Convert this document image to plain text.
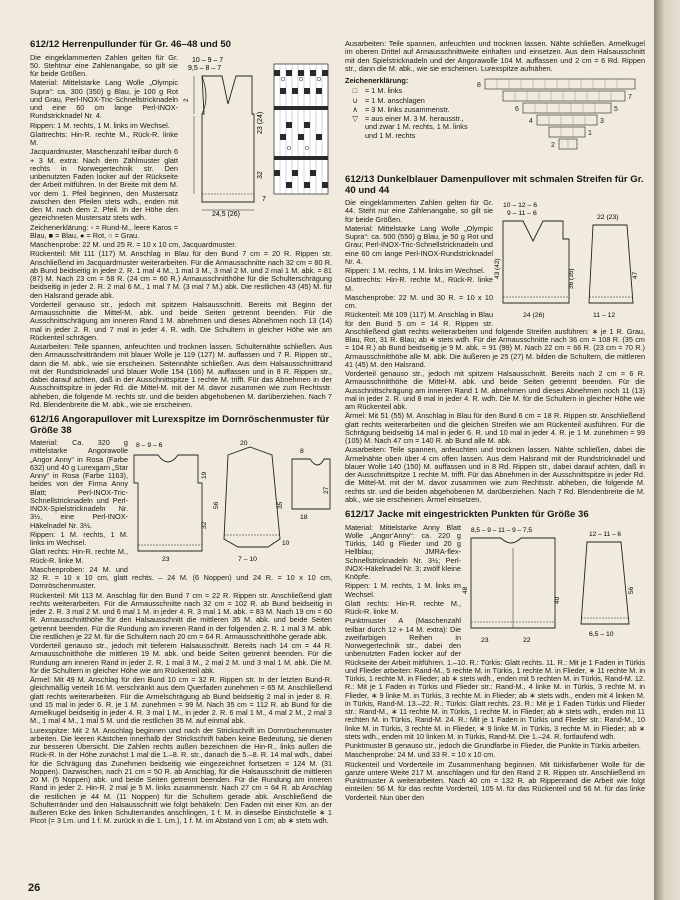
612/12 Herrenpullunder für Gr. 46–48 und 50
10 – 9 – 7
9,5 – 8 – 7
2
23 (24)
32
7
24,5 (26)

Die eingeklammerten Zahlen gelten für Gr. 50. Stehtnur eine Zahlenangabe, so gilt sie für beide Größen.

Material: Mittelstarke Lang Wolle „Olympic Supra“: ca. 300 (350) g Blau, je 100 g Rot und Grau, Perl-INOX-Tric-Schnellstricknadeln und eine 60 cm lange Perl-INOX-Rundstricknadel Nr. 4.

Rippen: 1 M. rechts, 1 M. links im Wechsel.

Glattrechts: Hin-R. rechte M., Rück-R. linke M.

Jacquardmuster, Maschenzahl teilbar durch 6 + 3 M. extra: Nach dem Zählmuster glatt rechts in Norwegertechnik str. Den unbenutzten Faden locker auf der Rückseite der Arbeit mitführen. In der Breite mit dem M. vor dem 1. Pfeil beginnen, den Mustersatz zwischen den Pfeilen stets wdh., enden mit den M. nach dem 2. Pfeil. In der Höhe den gezeichneten Mustersatz stets wdh.

Zeichenerklärung: ▫ = Rund-M., leere Karos = Blau, ■ = Blau, ● = Rot, ○ = Grau.

Maschenprobe: 22 M. und 25 R. = 10 x 10 cm, Jacquardmuster.

Rückenteil: Mit 111 (117) M. Anschlag in Blau für den Bund 7 cm = 20 R. Rippen str. Anschließend im Jacquardmuster weiterarbeiten. Für die Armausschnitte nach 32 cm = 80 R. ab Bund beidseitig in jeder 2. R. 1 mal 4 M., 1 mal 3 M., 3 mal 2 M. und 2 mal 1 M. abk. = 81 (87) M. Nach 23 cm = 58 R. (24 cm = 60 R.) Armausschnitthöhe für die Schulterschrägung beidseitig in jeder 2. R. 2 mal 6 M., 1 mal 7 M. (3 mal 7 M.) abk. Die restlichen 43 (45) M. für den Halsrand gerade abk.

Vorderteil genauso str., jedoch mit spitzem Halsausschnitt. Bereits mit Beginn der Armausschnitte die Mittel-M. abk. und beide Seiten getrennt beenden. Für die Ausschnittschrägung am inneren Rand 1 M. abnehmen und dieses Abnehmen noch 13 (14) mal in jeder 2. R. und 7 mal in jeder 4. R. wdh. Die Schultern in gleicher Höhe wie am Rückenteil schrägen.

Ausarbeiten: Teile spannen, anfeuchten und trocknen lassen. Schulternähte schließen. Aus den Armausschnitträndern mit blauer Wolle je 119 (127) M. auffassen und 7 R. Rippen str., dann die M. abk., wie sie erscheinen. Seitennähte schließen. Aus dem Halsausschnittrand mit der Rundstricknadel und blauer Wolle 154 (166) M. auffassen und in 8 R. Rippen str., dabei darauf achten, daß in der Ausschnittspitze 1 rechte M. trifft. Für das Abnehmen in der Ausschnittspitze in jeder Rd. die Mittel-M. mit der M. davor zusammen wie zum Rechtsstr. abheben, die folgende M. rechts str. und die beiden abgehobenen M. darüberziehen. Nach 7 Rd. Blendenbreite die M. abk., wie sie erscheinen.

612/16 Angorapullover mit Lurexspitze im Dornröschenmuster für Größe 38
8 – 9 – 6
19
32
23
20
56	35
10
7 – 10
8
18
27

Material: Ca. 320 g mittelstarke Angorawolle „Angor Anny“ in Rosa (Farbe 632) und 40 g Lurexgarn „Star Anny“ in Rosa (Farbe 1163), beides von der Firma Anny Blatt; Perl-INOX-Tric-Schnellstricknadeln und Perl-INOX-Spielstricknadeln Nr. 3½, eine Perl-INOX-Häkelnadel Nr. 3½.

Rippen: 1 M. rechts, 1 M. links im Wechsel.

Glatt rechts: Hin-R. rechte M., Rück-R. linke M.

Maschenproben: 24 M. und 32 R. = 10 x 10 cm, glatt rechts. – 24 M. (6 Noppen) und 24 R. = 10 x 10 cm, Dornröschenmuster.

Rückenteil: Mit 113 M. Anschlag für den Bund 7 cm = 22 R. Rippen str. Anschließend glatt rechts weiterarbeiten. Für die Armausschnitte nach 32 cm = 102 R. ab Bund beidseitig in jeder 2. R. 3 mal 2 M. und 6 mal 1 M. in jeder 4. R. 3 mal 1 M. abk. = 83 M. Nach 19 cm = 60 R. Armausschnitthöhe für den Halsausschnitt die mittleren 35 M. abk. und beide Seiten getrennt beenden. Für die Rundung am inneren Rand in der folgenden 2. R. 1 mal 3 M. abk. Die restlichen je 22 M. für die Schultern nach 20 cm = 64 R. Armausschnitthöhe gerade abk.

Vorderteil genauso str., jedoch mit tieferem Halsausschnitt. Bereits nach 14 cm = 44 R. Armausschnitthöhe die mittleren 19 M. abk. und beide Seiten getrennt beenden. Für die Rundung am inneren Rand in jeder 2. R. 1 mal 3 M., 2 mal 2 M. und 3 mal 1 M. abk. Die M. für die Schultern in gleicher Höhe wie am Rückenteil abk.

Ärmel: Mit 49 M. Anschlag für den Bund 10 cm = 32 R. Rippen str. In der letzten Bund-R. gleichmäßig verteilt 16 M. verschränkt aus dem Querfaden zunehmen = 65 M. Anschließend glatt rechts weiterarbeiten. Für die Armelschrägung ab Bund beidseitig 2 mal in jeder 8. R. und 15 mal in jeder 6. R. je 1 M. zunehmen = 99 M. Nach 35 cm = 112 R. ab Bund für die Armelkugel beidseitig in jeder 4. R. 3 mal 1 M., in jeder 2. R. 6 mal 1 M., 4 mal 2 M., 2 mal 3 M., 1 mal 4 M., 1 mal 5 M. und die restlichen 35 M. auf einmal abk.

Lurexspitze: Mit 2 M. Anschlag beginnen und nach der Strickschrift im Dornröschenmuster arbeiten. Die leeren Kästchen innerhalb der Strickschrift haben keine Bedeutung, sie dienen zur besseren Übersicht. Die Zahlen rechts außen bezeichnen die Hin-R., links außen die Rück-R. In der Höhe zunächst 1 mal die 1.–8. R. str., danach die 5.–8. R. 14 mal wdh., dabei für die Schrägung das Zunehmen beidseitig wie eingezeichnet fortsetzen = 124 M. (31 Noppen). Dazwischen, nach 21 cm = 50 R. ab Anschlag, für die Halsausschnitt die mittleren 20 M. (5 Noppen) abk. und beide Seiten getrennt beenden. Für die Rundung am inneren Rand in jeder 2. Hin-R. 2 mal je 5 M. links zusammenstr. Nach 27 cm = 64 R. ab Anschlag die restlichen je 44 M. (11 Noppen) für die Schultern gerade abk. Anschließend die Schulterränder und den Halsausschnitt wie folgt behäkeln: Den Faden mit einer Km. an der äußeren Ecke des linken Schulterrandes anschlingen, 1 f. M. in dieselbe Einstichstelle ∗ 1 Picot (= 3 Lm. und 1 f. M. zurück in die 1. Lm.), 1 f. M. im Abstand von 1 cm; ab ∗ stets wdh.

Ausarbeiten: Teile spannen, anfeuchten und trocknen lassen. Nähte schließen. Armelkugel im oberen Drittel auf Armausschnittweite einhalten und einsetzen. Aus dem Halsausschnitt mit den Spielstricknadeln und der Angorawolle 104 M. auffassen und 2 cm = 6 Rd. Rippen str., dann die M. abk., wie sie erscheinen. Lurexspitze aufnähen.

Zeichenerklärung:
□	= 1 M. links
∪	= 1 M. anschlagen
∧	= 3 M. links zusammenstr.
▽ = aus einer M. 3 M. herausstr., und zwar 1 M. rechts, 1 M. links und 1 M. rechts
8
6
4
2
7
5
3
1
612/13 Dunkelblauer Damenpullover mit schmalen Streifen für Gr. 40 und 44
10 – 12 – 6
9 – 11 – 6
43 (42)	36 (35)
24 (26)
22 (23)
47
11 – 12

Die eingeklammerten Zahlen gelten für Gr. 44. Steht nur eine Zahlenangabe, so gilt sie für beide Größen.

Material: Mittelstarke Lang Wolle „Olympic Supra“: ca. 500 (550) g Blau, je 50 g Rot und Grau; Perl-INOX-Tric-Schnellstricknadeln und eine 60 cm lange Perl-INOX-Rundstricknadel Nr. 4.

Rippen: 1 M. rechts, 1 M. links im Wechsel.

Glattrechts: Hin-R. rechte M., Rück-R. linke M.

Maschenprobe: 22 M. und 30 R. = 10 x 10 cm.

Rückenteil: Mit 109 (117) M. Anschlag in Blau für den Bund 5 cm = 14 R. Rippen str. Anschließend glatt rechts weiterarbeiten und folgende Streifen ausführen: ∗ je 1 R. Grau, Blau, Rot, 31 R. Blau; ab ∗ stets wdh. Für die Armausschnitte nach 36 cm = 108 R. (35 cm = 104 R.) ab Bund beidseitig je 9 M. abk. = 91 (99) M. Nach 22 cm = 66 R. (23 cm = 70 R.) Armausschnitthöhe alle M. abk. Die äußeren je 25 (27) M. bilden die Schultern, die mittleren 41 (45) M. den Halsrand.

Vorderteil genauso str., jedoch mit spitzem Halsausschnitt. Bereits nach 2 cm = 6 R. Armausschnitthöhe die Mittel-M. abk. und beide Seiten getrennt beenden. Für die Ausschnittschrägung am inneren Rand 1 M. abnehmen und dieses Abnehmen noch 11 (13) mal in jeder 2. R. und 8 mal in jeder 4. R. wdh. Die M. für die Schultern in gleicher Höhe wie am Rückenteil abk.

Ärmel: Mit 51 (55) M. Anschlag in Blau für den Bund 6 cm = 18 R. Rippen str. Anschließend glatt rechts weiterarbeiten und die gleichen Streifen wie am Rückenteil ausführen. Für die Schrägung beidseitig 14 mal in jeder 6. R. und 10 mal in jeder 4. R. je 1 M. zunehmen = 99 (105) M. Nach 47 cm = 140 R. ab Bund alle M. abk.

Ausarbeiten: Teile spannen, anfeuchten und trocknen lassen. Nähte schließen, dabei die Ärmelnähte oben über 4 cm offen lassen. Aus dem Halsrand mit der Rundstricknadel und blauer Wolle 140 (150) M. auffassen und in 8 Rd. Rippen str., dabei darauf achten, daß in der Ausschnittspitze 1 rechte M. trifft. Für das Abnehmen in der Ausschnittspitze in jeder Rd. die Mittel-M. mit der M. davor zusammen wie zum Rechtsstr. abheben, die folgende M. rechts str. und die beiden abgehobenen M. darüberziehen. Nach 7 Rd. Blendenbreite die M. abk., wie sie erscheinen. Ärmel einsetzen.

612/17 Jacke mit eingestrickten Punkten für Größe 36
8,5 – 9 – 11 – 9 – 7,5
48
40
23	22
12 – 11 – 6
56
6,5 – 10

Material: Mittelstarke Anny Blatt Wolle „Angor’Anny“: ca. 220 g Türkis, 140 g Flieder und 20 g Hellblau; JMRA-flex-Schnellstricknadeln Nr. 3½; Perl-INOX-Häkelnadel Nr. 3; zwölf kleine Knöpfe.

Rippen: 1 M. rechts, 1 M. links im Wechsel.

Glatt rechts: Hin-R. rechte M., Rück-R. linke M.

Punktmuster A (Maschenzahl teilbar durch 12 + 14 M. extra): Die zweifarbigen Reihen in Norwegertechnik str., dabei den unbenutzten Faden locker auf der Rückseite der Arbeit mitführen. 1.–10. R.: Türkis: Glatt rechts. 11. R.: Mit je 1 Faden in Türkis und Flieder arbeiten: Rand-M., 5 rechte M. in Türkis, 1 rechte M. in Flieder, ∗ 11 rechte M. in Türkis, 1 rechte M. in Flieder; ab ∗ stets wdh., enden mit 5 rechten M. in Türkis, Rand-M. 12. R.: Mit je 1 Faden in Türkis und Flieder str.: Rand-M., 4 linke M. in Türkis, 3 rechte M. in Flieder, ∗ 9 linke M. in Türkis, 3 rechte M. in Flieder; ab ∗ stets wdh., enden mit 4 linken M. in Türkis, Rand-M. 13.–22. R.: Türkis: Glatt rechts. 23. R.: Mit je 1 Faden Türkis und Flieder str.: Rand-M., ∗ 11 rechte M. in Türkis, 1 rechte M. in Flieder; ab ∗ stets wdh., enden mit 11 rechten M. in Türkis, Rand-M. 24. R.: Mit je 1 Faden in Türkis und Flieder str.: Rand-M., 10 linke M. in Türkis, 3 rechte M. in Flieder, ∗ 9 linke M. in Türkis, 3 rechte M. in Flieder; ab ∗ stets wdh., enden mit 10 linken M. in Türkis, Rand-M. Die 1.–24. R. fortlaufend wdh.

Punktmuster B genauso str., jedoch die Grundfarbe in Flieder, die Punkte in Türkis arbeiten.

Maschenprobe: 24 M. und 33 R. = 10 x 10 cm.

Rückenteil und Vorderteile im Zusammenhang beginnen. Mit türkisfarbener Wolle für die ganze untere Weite 217 M. anschlagen und für den Rand 2 R. Rippen str. Anschließend im Punktmuster A weiterarbeiten. Nach 40 cm = 132 R. ab Rippenrand die Arbeit wie folgt einteilen: 56 M. für das rechte Vorderteil, 105 M. für das Rückenteil und 56 M. für das linke Vorderteil. Nun über den

26
